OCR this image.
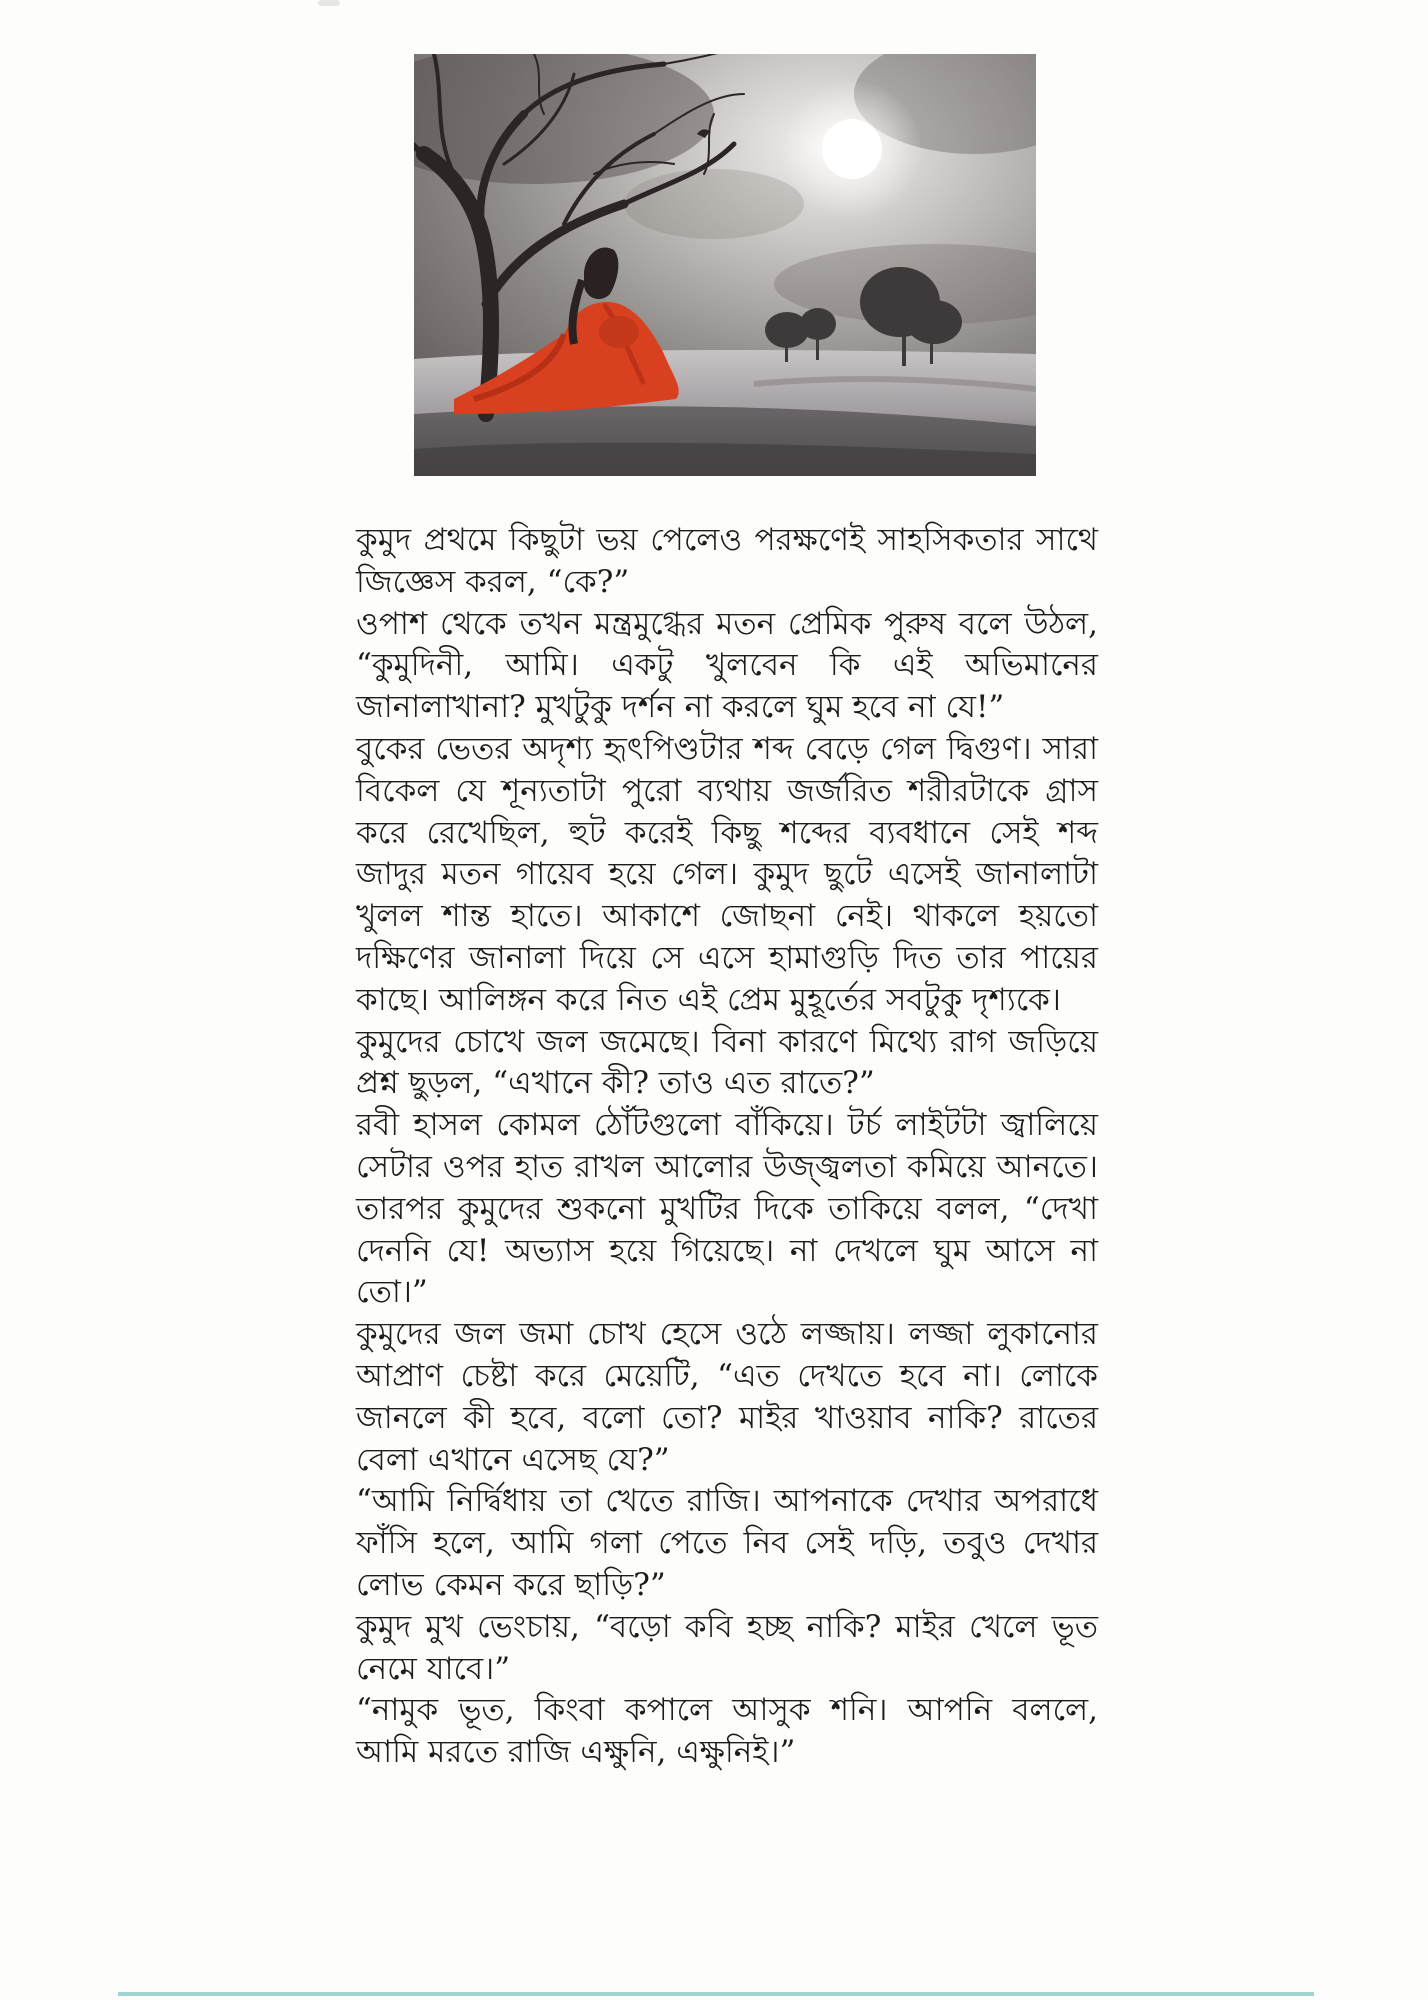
কুমুদ প্রথমে কিছুটা ভয় পেলেও পরক্ষণেই সাহসিকতার সাথে জিজ্ঞেস করল, “কে?”

ওপাশ থেকে তখন মন্ত্রমুগ্ধের মতন প্রেমিক পুরুষ বলে উঠল, “কুমুদিনী, আমি। একটু খুলবেন কি এই অভিমানের জানালাখানা? মুখটুকু দর্শন না করলে ঘুম হবে না যে!”

বুকের ভেতর অদৃশ্য হৃৎপিণ্ডটার শব্দ বেড়ে গেল দ্বিগুণ। সারা বিকেল যে শূন্যতাটা পুরো ব্যথায় জর্জরিত শরীরটাকে গ্রাস করে রেখেছিল, হুট করেই কিছু শব্দের ব্যবধানে সেই শব্দ জাদুর মতন গায়েব হয়ে গেল। কুমুদ ছুটে এসেই জানালাটা খুলল শান্ত হাতে। আকাশে জোছনা নেই। থাকলে হয়তো দক্ষিণের জানালা দিয়ে সে এসে হামাগুড়ি দিত তার পায়ের কাছে। আলিঙ্গন করে নিত এই প্রেম মুহূর্তের সবটুকু দৃশ্যকে।

কুমুদের চোখে জল জমেছে। বিনা কারণে মিথ্যে রাগ জড়িয়ে প্রশ্ন ছুড়ল, “এখানে কী? তাও এত রাতে?”

রবী হাসল কোমল ঠোঁটগুলো বাঁকিয়ে। টর্চ লাইটটা জ্বালিয়ে সেটার ওপর হাত রাখল আলোর উজ্জ্বলতা কমিয়ে আনতে। তারপর কুমুদের শুকনো মুখটির দিকে তাকিয়ে বলল, “দেখা দেননি যে! অভ্যাস হয়ে গিয়েছে। না দেখলে ঘুম আসে না তো।”

কুমুদের জল জমা চোখ হেসে ওঠে লজ্জায়। লজ্জা লুকানোর আপ্রাণ চেষ্টা করে মেয়েটি, “এত দেখতে হবে না। লোকে জানলে কী হবে, বলো তো? মাইর খাওয়াব নাকি? রাতের বেলা এখানে এসেছ যে?”

“আমি নির্দ্বিধায় তা খেতে রাজি। আপনাকে দেখার অপরাধে ফাঁসি হলে, আমি গলা পেতে নিব সেই দড়ি, তবুও দেখার লোভ কেমন করে ছাড়ি?”

কুমুদ মুখ ভেংচায়, “বড়ো কবি হচ্ছ নাকি? মাইর খেলে ভূত নেমে যাবে।”

“নামুক ভূত, কিংবা কপালে আসুক শনি। আপনি বললে, আমি মরতে রাজি এক্ষুনি, এক্ষুনিই।”
